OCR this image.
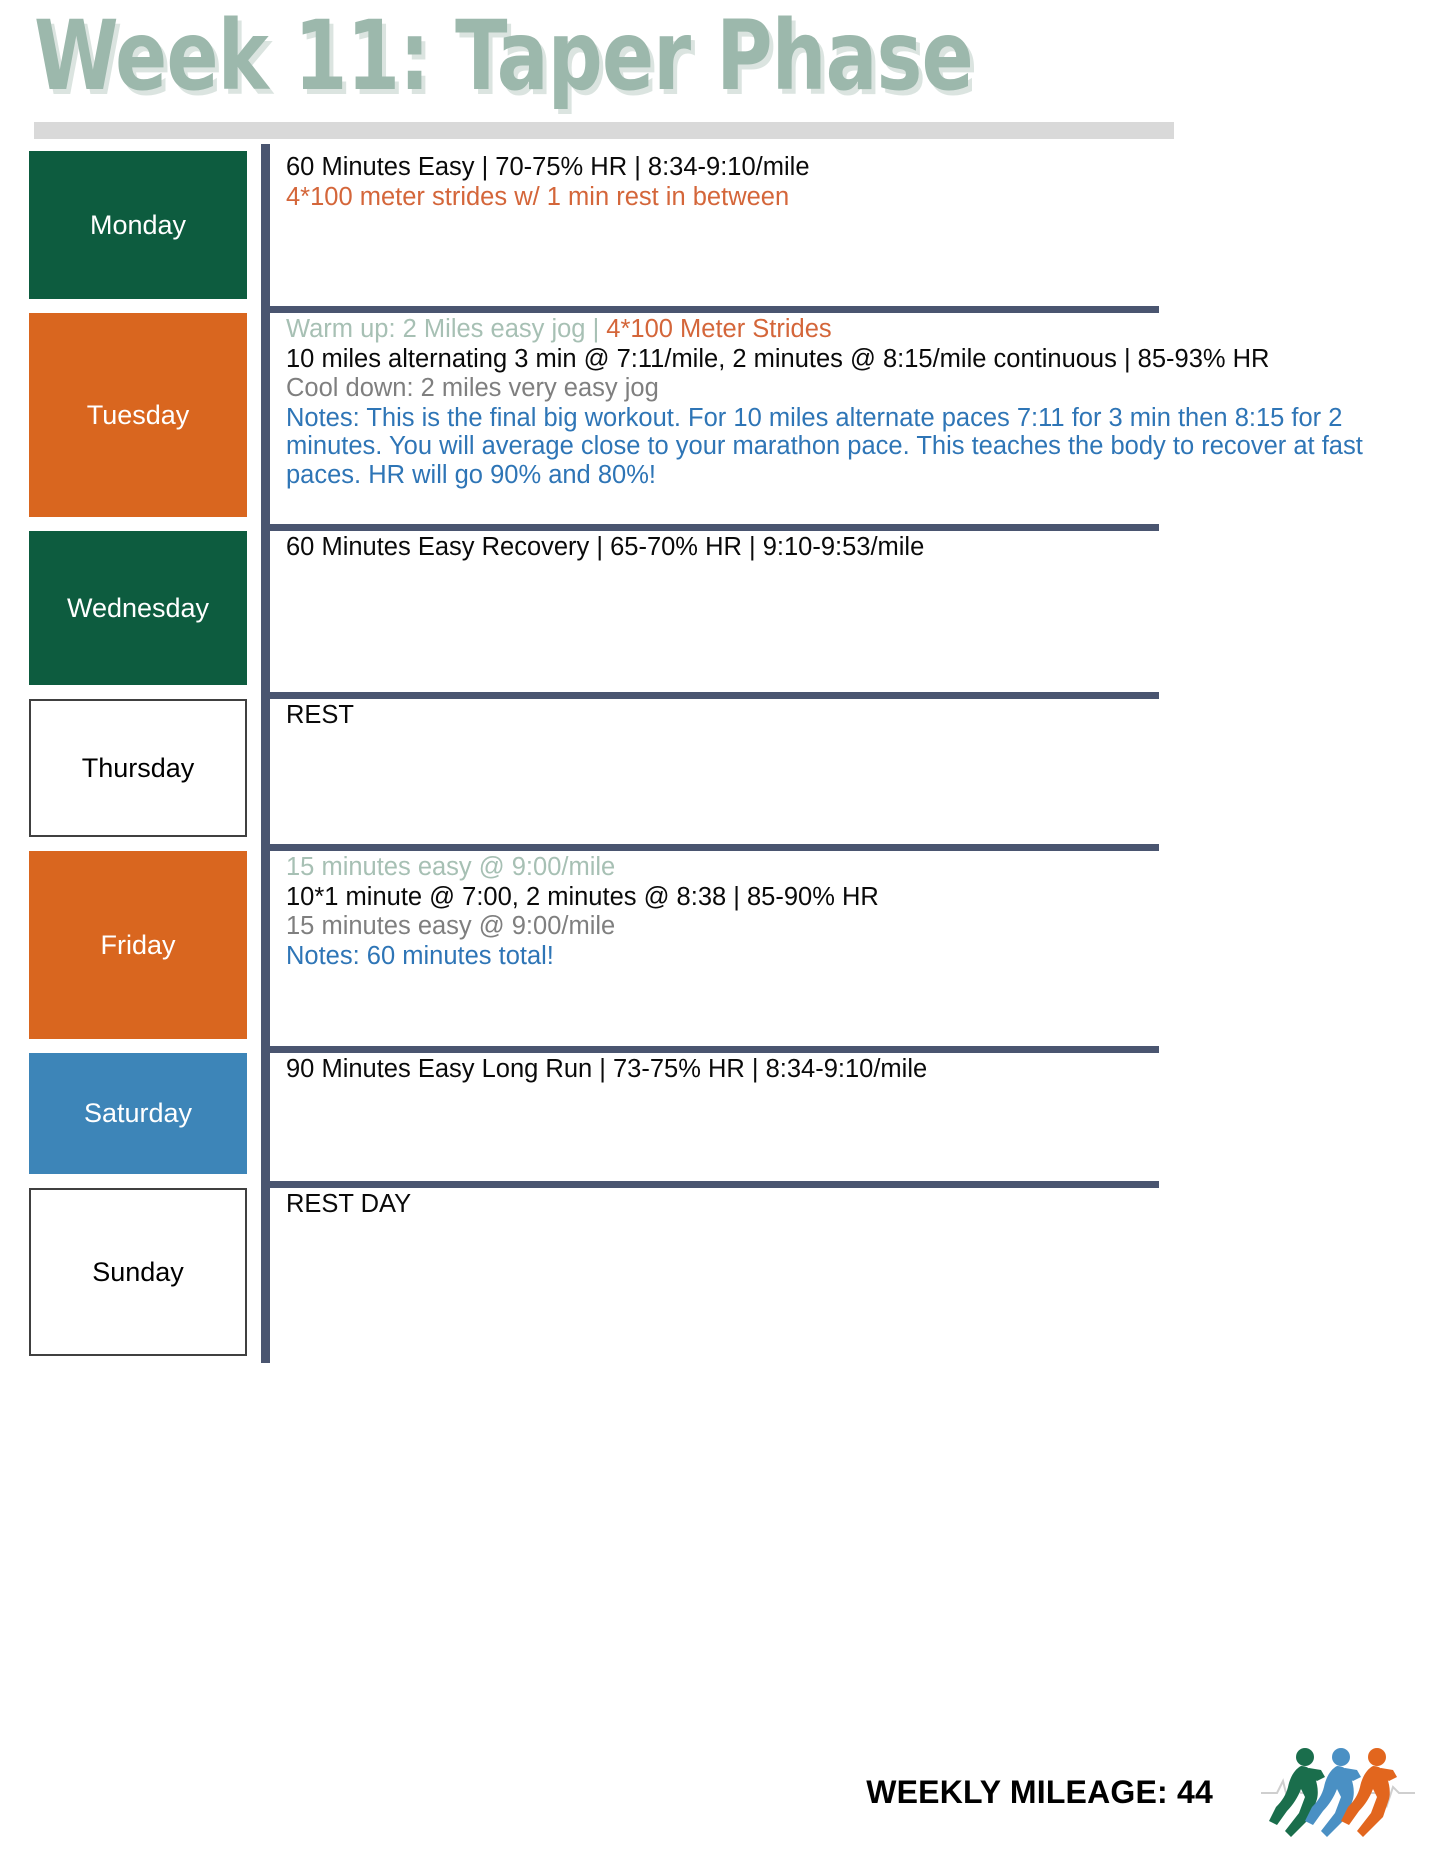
Week 11: Taper Phase
Monday
60 Minutes Easy | 70-75% HR | 8:34-9:10/mile
4*100 meter strides w/ 1 min rest in between
Tuesday
Warm up: 2 Miles easy jog | 4*100 Meter Strides
10 miles alternating 3 min @ 7:11/mile, 2 minutes @ 8:15/mile continuous | 85-93% HR
Cool down: 2 miles very easy jog
Notes: This is the final big workout. For 10 miles alternate paces 7:11 for 3 min then 8:15 for 2 minutes. You will average close to your marathon pace. This teaches the body to recover at fast paces. HR will go 90% and 80%!
Wednesday
60 Minutes Easy Recovery | 65-70% HR | 9:10-9:53/mile
Thursday
REST
Friday
15 minutes easy @ 9:00/mile
10*1 minute @ 7:00, 2 minutes @ 8:38 | 85-90% HR
15 minutes easy @ 9:00/mile
Notes: 60 minutes total!
Saturday
90 Minutes Easy Long Run | 73-75% HR | 8:34-9:10/mile
Sunday
REST DAY
WEEKLY MILEAGE: 44
